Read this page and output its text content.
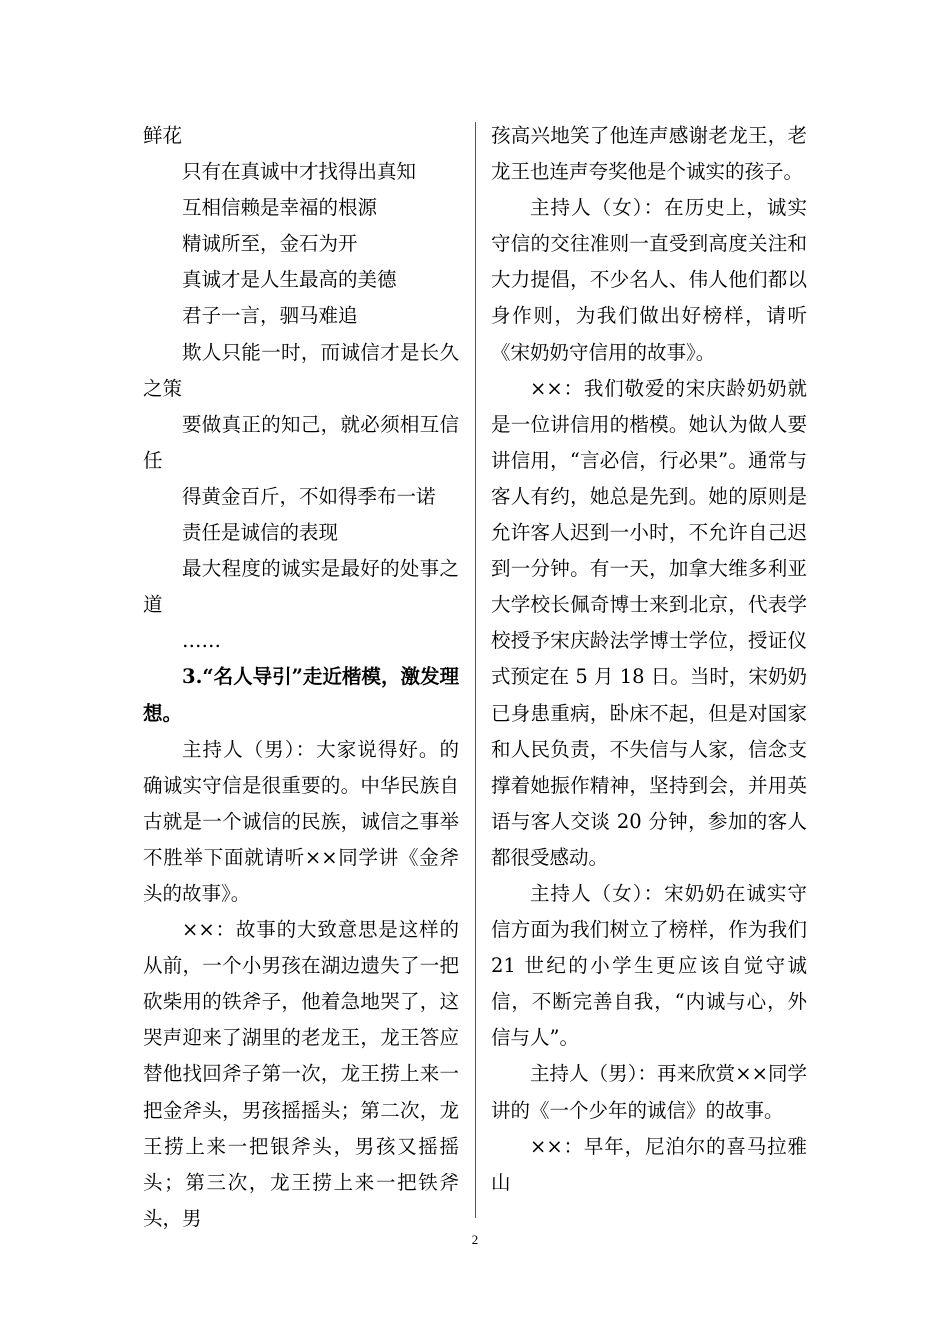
鲜花

只有在真诚中才找得出真知

互相信赖是幸福的根源

精诚所至，金石为开

真诚才是人生最高的美德

君子一言，驷马难追

欺人只能一时，而诚信才是长久之策

要做真正的知己，就必须相互信任

得黄金百斤，不如得季布一诺

责任是诚信的表现

最大程度的诚实是最好的处事之道

……

3.“名人导引”走近楷模，激发理想。

主持人（男）：大家说得好。的确诚实守信是很重要的。中华民族自古就是一个诚信的民族，诚信之事举不胜举下面就请听××同学讲《金斧头的故事》。

××：故事的大致意思是这样的从前，一个小男孩在湖边遗失了一把砍柴用的铁斧子，他着急地哭了，这哭声迎来了湖里的老龙王，龙王答应替他找回斧子第一次，龙王捞上来一把金斧头，男孩摇摇头；第二次，龙王捞上来一把银斧头，男孩又摇摇头；第三次，龙王捞上来一把铁斧头，男

孩高兴地笑了他连声感谢老龙王，老龙王也连声夸奖他是个诚实的孩子。

主持人（女）：在历史上，诚实守信的交往准则一直受到高度关注和大力提倡，不少名人、伟人他们都以身作则，为我们做出好榜样，请听《宋奶奶守信用的故事》。

××：我们敬爱的宋庆龄奶奶就是一位讲信用的楷模。她认为做人要讲信用，“言必信，行必果”。通常与客人有约，她总是先到。她的原则是允许客人迟到一小时，不允许自己迟到一分钟。有一天，加拿大维多利亚大学校长佩奇博士来到北京，代表学校授予宋庆龄法学博士学位，授证仪式预定在 5 月 18 日。当时，宋奶奶已身患重病，卧床不起，但是对国家和人民负责，不失信与人家，信念支撑着她振作精神，坚持到会，并用英语与客人交谈 20 分钟，参加的客人都很受感动。

主持人（女）：宋奶奶在诚实守信方面为我们树立了榜样，作为我们 21 世纪的小学生更应该自觉守诚信，不断完善自我，“内诚与心，外信与人”。

主持人（男）：再来欣赏××同学讲的《一个少年的诚信》的故事。

××：早年，尼泊尔的喜马拉雅山

2
